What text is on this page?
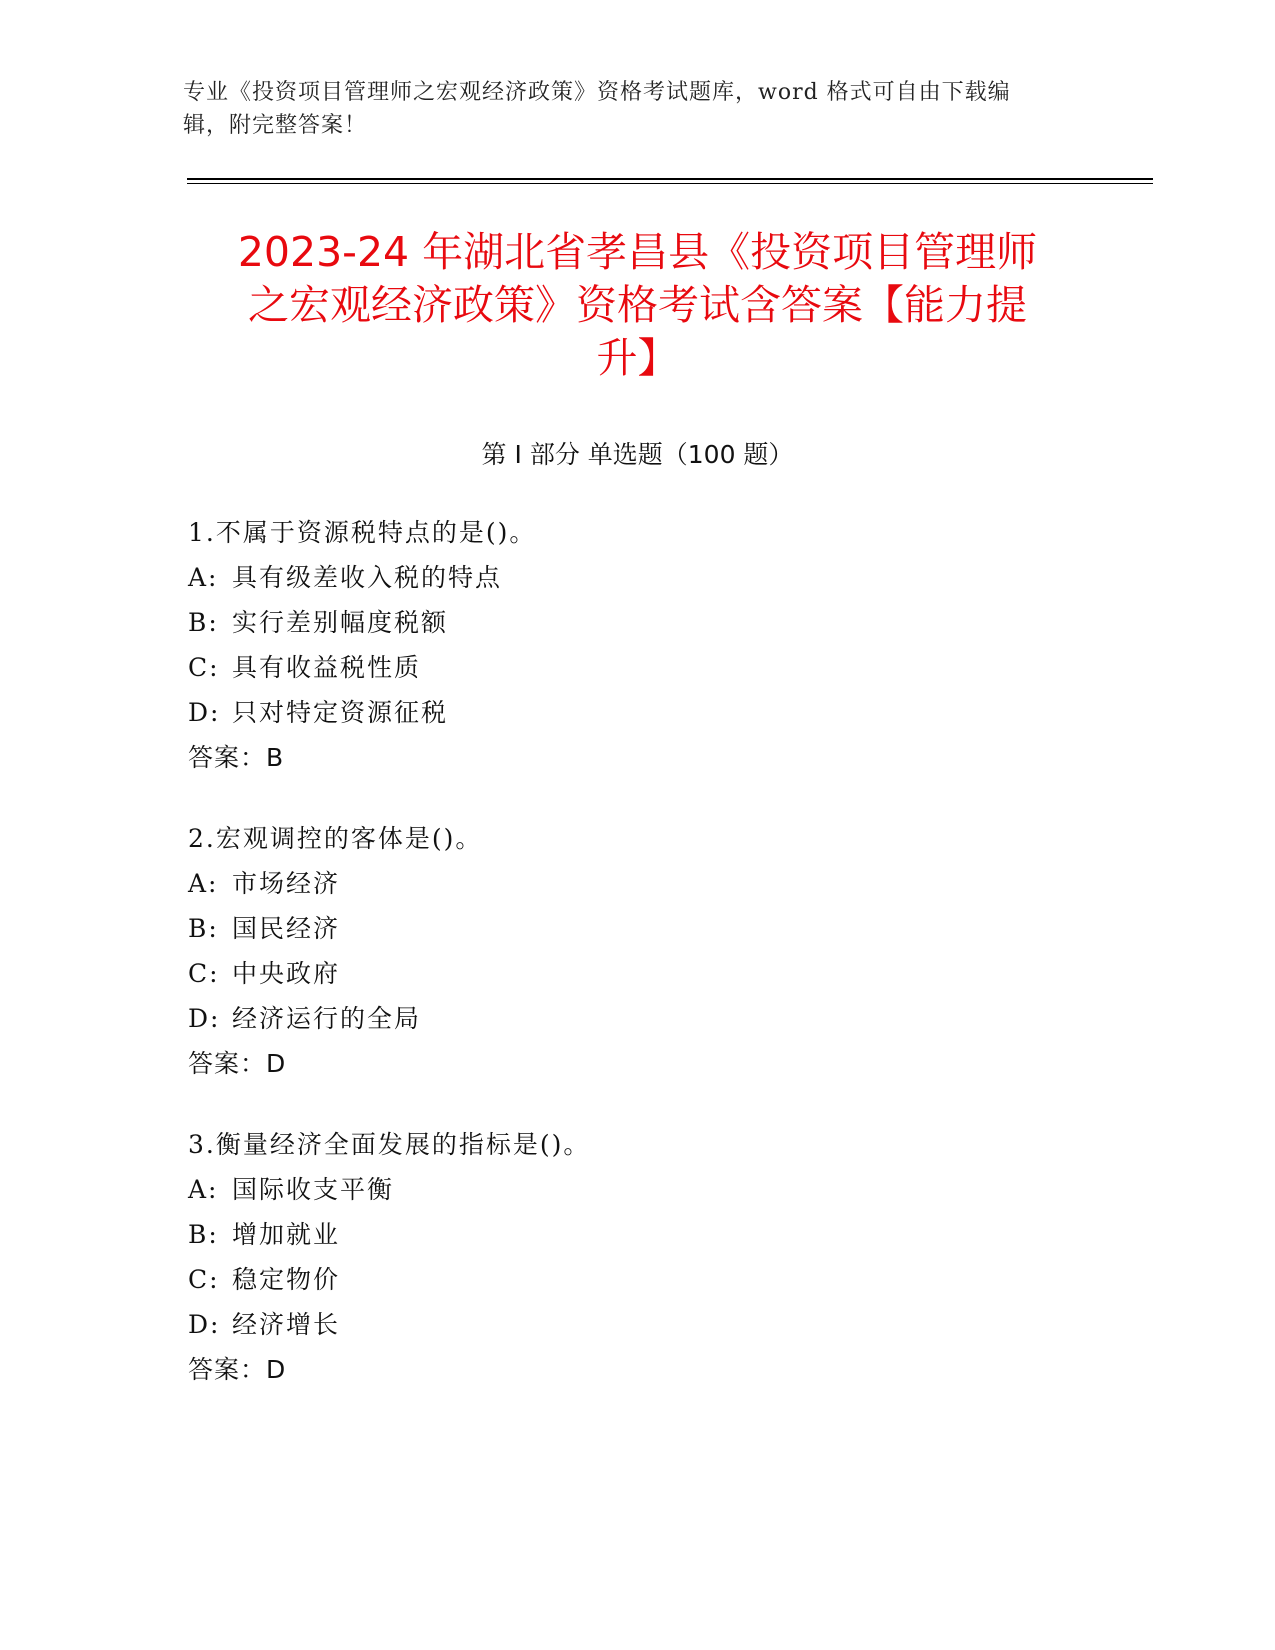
专业《投资项目管理师之宏观经济政策》资格考试题库，word 格式可自由下载编
辑，附完整答案！
2023-24 年湖北省孝昌县《投资项目管理师
之宏观经济政策》资格考试含答案【能力提
升】
第 I 部分 单选题（100 题）
1.不属于资源税特点的是()。
A: 具有级差收入税的特点
B: 实行差别幅度税额
C: 具有收益税性质
D: 只对特定资源征税
答案：B
2.宏观调控的客体是()。
A: 市场经济
B: 国民经济
C: 中央政府
D: 经济运行的全局
答案：D
3.衡量经济全面发展的指标是()。
A: 国际收支平衡
B: 增加就业
C: 稳定物价
D: 经济增长
答案：D
